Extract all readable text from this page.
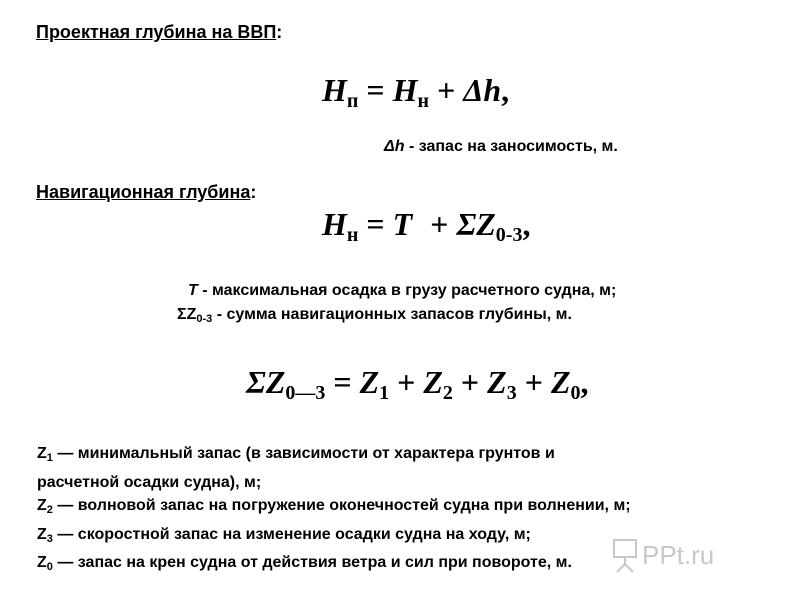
Проектная глубина на ВВП:
$H_п = H_н + \Delta h$,
Δh - запас на заносимость, м.
Навигационная глубина:
$H_н = T + \Sigma Z_{0-3}$,
T - максимальная осадка в грузу расчетного судна, м;
$\Sigma Z_{0-3}$ - сумма навигационных запасов глубины, м.
$\Sigma Z_{0—3} = Z_1 + Z_2 + Z_3 + Z_0$,
$Z_1$ — минимальный запас (в зависимости от характера грунтов и
расчетной осадки судна), м;
$Z_2$ — волновой запас на погружение оконечностей судна при волнении, м;
$Z_3$ — скоростной запас на изменение осадки судна на ходу, м;
$Z_0$ — запас на крен судна от действия ветра и сил при повороте, м.	PPt.ru
